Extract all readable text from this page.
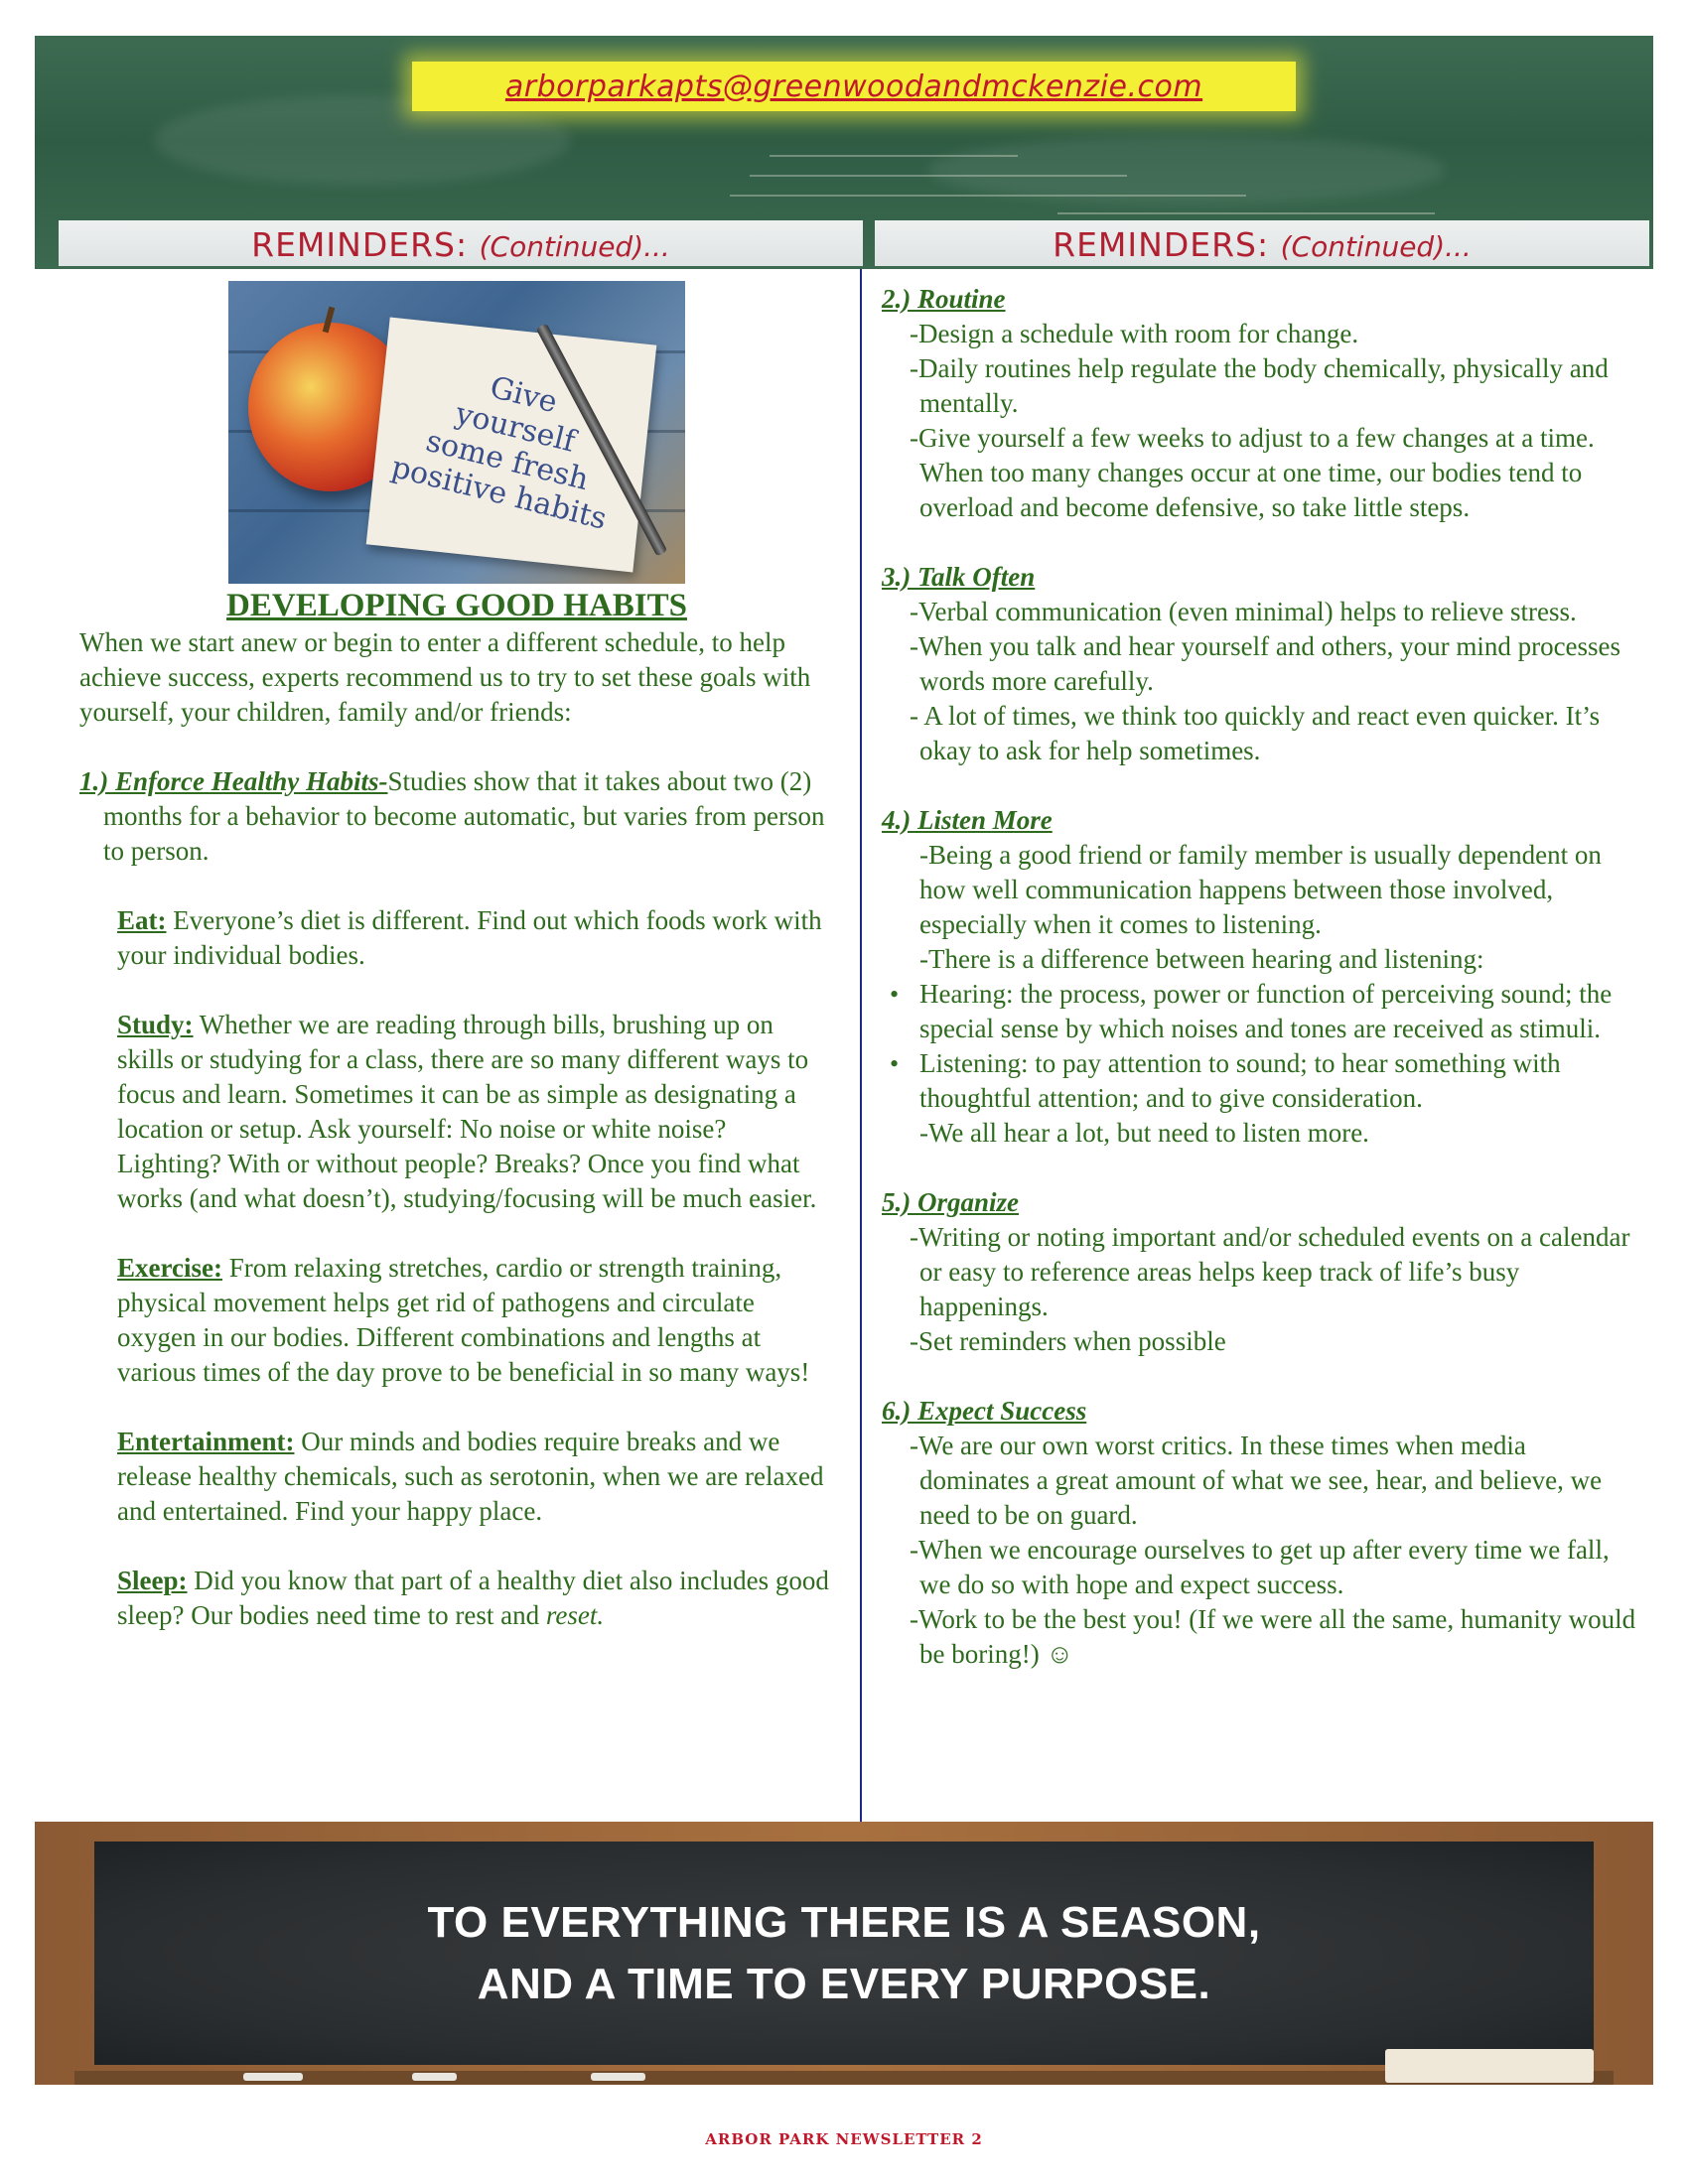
arborparkapts@greenwoodandmckenzie.com
REMINDERS: (Continued)...	REMINDERS: (Continued)...
Give
yourself
some fresh
positive habits
DEVELOPING GOOD HABITS

When we start anew or begin to enter a different schedule, to help achieve success, experts recommend us to try to set these goals with yourself, your children, family and/or friends:

1.) Enforce Healthy Habits-Studies show that it takes about two (2) months for a behavior to become automatic, but varies from person to person.

Eat: Everyone’s diet is different. Find out which foods work with your individual bodies.

Study: Whether we are reading through bills, brushing up on skills or studying for a class, there are so many different ways to focus and learn. Sometimes it can be as simple as designating a location or setup. Ask yourself: No noise or white noise? Lighting? With or without people? Breaks? Once you find what works (and what doesn’t), studying/focusing will be much easier.

Exercise: From relaxing stretches, cardio or strength training, physical movement helps get rid of pathogens and circulate oxygen in our bodies. Different combinations and lengths at various times of the day prove to be beneficial in so many ways!

Entertainment: Our minds and bodies require breaks and we release healthy chemicals, such as serotonin, when we are relaxed and entertained. Find your happy place.

Sleep: Did you know that part of a healthy diet also includes good sleep? Our bodies need time to rest and reset.

2.) Routine

-Design a schedule with room for change.

-Daily routines help regulate the body chemically, physically and mentally.

-Give yourself a few weeks to adjust to a few changes at a time. When too many changes occur at one time, our bodies tend to overload and become defensive, so take little steps.

3.) Talk Often

-Verbal communication (even minimal) helps to relieve stress.

-When you talk and hear yourself and others, your mind processes words more carefully.

- A lot of times, we think too quickly and react even quicker. It’s okay to ask for help sometimes.

4.) Listen More

-Being a good friend or family member is usually dependent on how well communication happens between those involved, especially when it comes to listening.

-There is a difference between hearing and listening:

• Hearing: the process, power or function of perceiving sound; the special sense by which noises and tones are received as stimuli.

• Listening: to pay attention to sound; to hear something with thoughtful attention; and to give consideration.

-We all hear a lot, but need to listen more.

5.) Organize

-Writing or noting important and/or scheduled events on a calendar or easy to reference areas helps keep track of life’s busy happenings.

-Set reminders when possible

6.) Expect Success

-We are our own worst critics. In these times when media dominates a great amount of what we see, hear, and believe, we need to be on guard.

-When we encourage ourselves to get up after every time we fall, we do so with hope and expect success.

-Work to be the best you! (If we were all the same, humanity would be boring!) ☺

TO EVERYTHING THERE IS A SEASON,
AND A TIME TO EVERY PURPOSE.
ARBOR PARK NEWSLETTER 2
